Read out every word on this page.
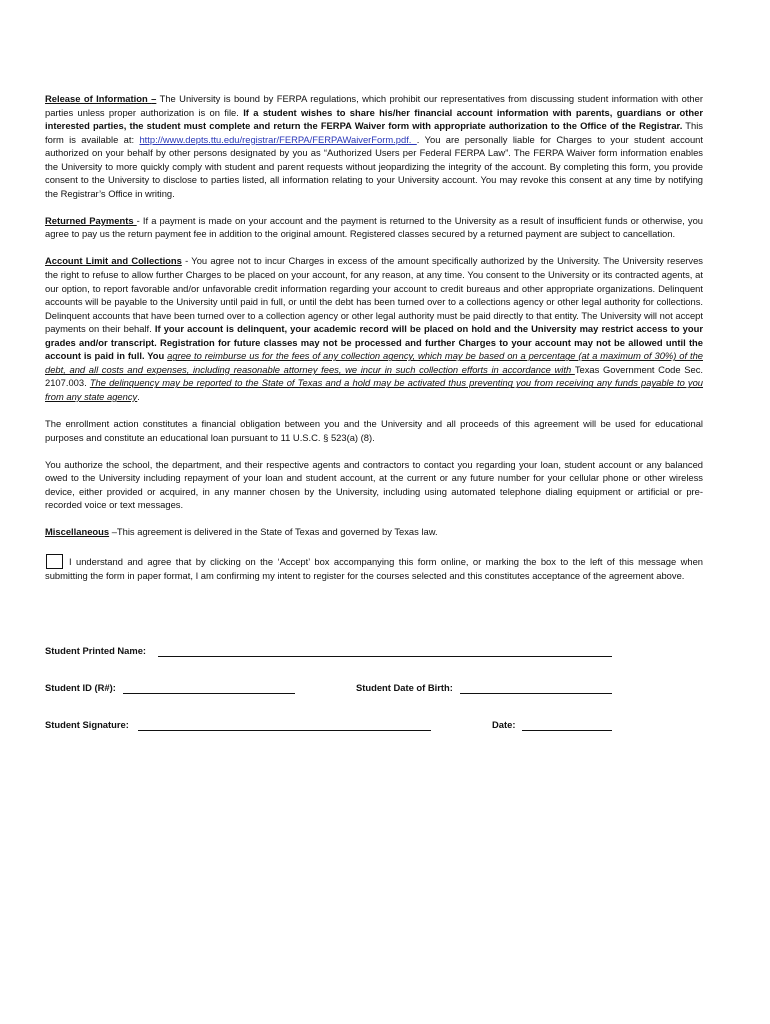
Release of Information – The University is bound by FERPA regulations, which prohibit our representatives from discussing student information with other parties unless proper authorization is on file. If a student wishes to share his/her financial account information with parents, guardians or other interested parties, the student must complete and return the FERPA Waiver form with appropriate authorization to the Office of the Registrar. This form is available at: http://www.depts.ttu.edu/registrar/FERPA/FERPAWaiverForm.pdf. . You are personally liable for Charges to your student account authorized on your behalf by other persons designated by you as “Authorized Users per Federal FERPA Law”. The FERPA Waiver form information enables the University to more quickly comply with student and parent requests without jeopardizing the integrity of the account. By completing this form, you provide consent to the University to disclose to parties listed, all information relating to your University account. You may revoke this consent at any time by notifying the Registrar’s Office in writing.

Returned Payments - If a payment is made on your account and the payment is returned to the University as a result of insufficient funds or otherwise, you agree to pay us the return payment fee in addition to the original amount. Registered classes secured by a returned payment are subject to cancellation.

Account Limit and Collections - You agree not to incur Charges in excess of the amount specifically authorized by the University. The University reserves the right to refuse to allow further Charges to be placed on your account, for any reason, at any time. You consent to the University or its contracted agents, at our option, to report favorable and/or unfavorable credit information regarding your account to credit bureaus and other appropriate organizations. Delinquent accounts will be payable to the University until paid in full, or until the debt has been turned over to a collections agency or other legal authority for collections. Delinquent accounts that have been turned over to a collection agency or other legal authority must be paid directly to that entity. The University will not accept payments on their behalf. If your account is delinquent, your academic record will be placed on hold and the University may restrict access to your grades and/or transcript. Registration for future classes may not be processed and further Charges to your account may not be allowed until the account is paid in full. You agree to reimburse us for the fees of any collection agency, which may be based on a percentage (at a maximum of 30%) of the debt, and all costs and expenses, including reasonable attorney fees, we incur in such collection efforts in accordance with Texas Government Code Sec. 2107.003. The delinquency may be reported to the State of Texas and a hold may be activated thus preventing you from receiving any funds payable to you from any state agency.

The enrollment action constitutes a financial obligation between you and the University and all proceeds of this agreement will be used for educational purposes and constitute an educational loan pursuant to 11 U.S.C. § 523(a) (8).

You authorize the school, the department, and their respective agents and contractors to contact you regarding your loan, student account or any balanced owed to the University including repayment of your loan and student account, at the current or any future number for your cellular phone or other wireless device, either provided or acquired, in any manner chosen by the University, including using automated telephone dialing equipment or artificial or pre-recorded voice or text messages.

Miscellaneous –This agreement is delivered in the State of Texas and governed by Texas law.

I understand and agree that by clicking on the ‘Accept’ box accompanying this form online, or marking the box to the left of this message when submitting the form in paper format, I am confirming my intent to register for the courses selected and this constitutes acceptance of the agreement above.

Student Printed Name:
Student ID (R#):	Student Date of Birth:
Student Signature:	Date:
